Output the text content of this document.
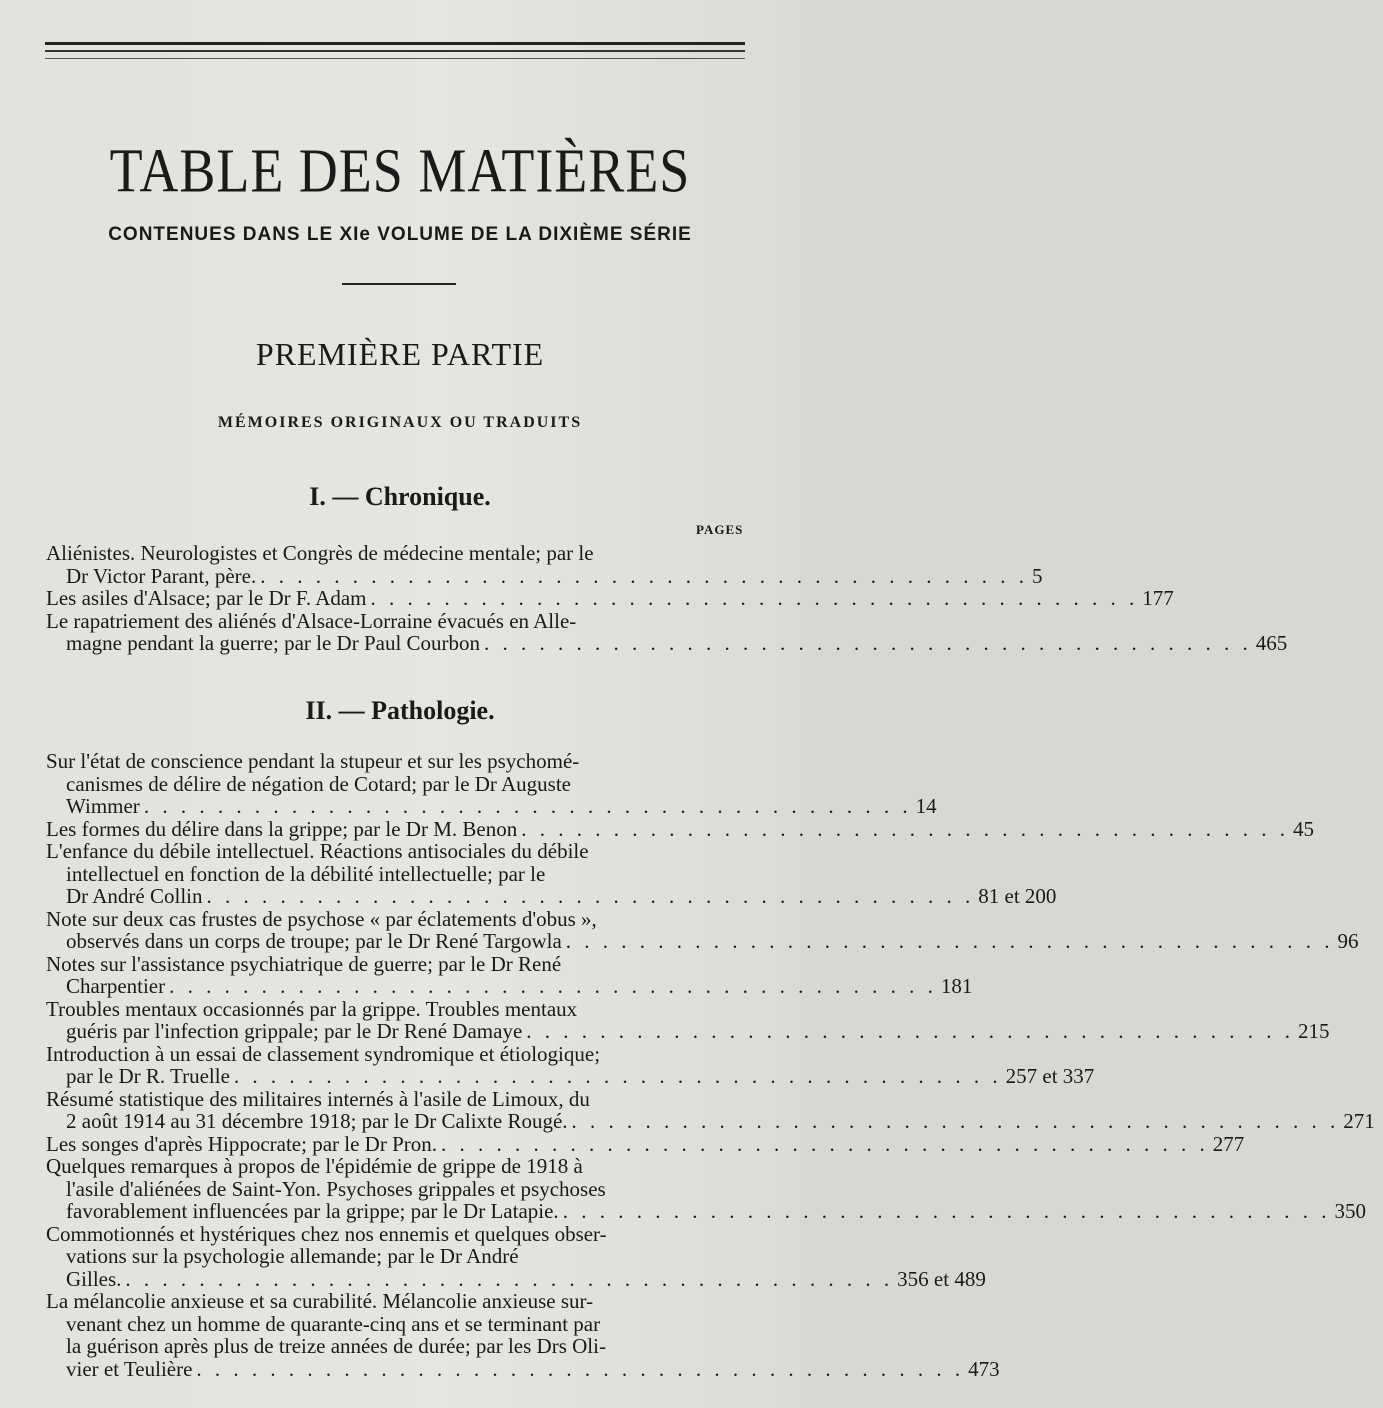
TABLE DES MATIÈRES
CONTENUES DANS LE XIe VOLUME DE LA DIXIÈME SÉRIE
PREMIÈRE PARTIE
MÉMOIRES ORIGINAUX OU TRADUITS
I. — Chronique.
PAGES
Aliénistes. Neurologistes et Congrès de médecine mentale; par le
Dr Victor Parant, père. . . . . . . . . . . . . . . . . . . . . . . . . . . . . . . . . . . . . . . . . . . 5
Les asiles d'Alsace; par le Dr F. Adam . . . . . . . . . . . . . . . . . . . . . . . . . . . . . . . . . . . . . . . . . . 177
Le rapatriement des aliénés d'Alsace-Lorraine évacués en Alle-
magne pendant la guerre; par le Dr Paul Courbon . . . . . . . . . . . . . . . . . . . . . . . . . . . . . . . . . . . . . . . . . . 465
II. — Pathologie.
Sur l'état de conscience pendant la stupeur et sur les psychomé-
canismes de délire de négation de Cotard; par le Dr Auguste
Wimmer . . . . . . . . . . . . . . . . . . . . . . . . . . . . . . . . . . . . . . . . . . 14
Les formes du délire dans la grippe; par le Dr M. Benon . . . . . . . . . . . . . . . . . . . . . . . . . . . . . . . . . . . . . . . . . . 45
L'enfance du débile intellectuel. Réactions antisociales du débile
intellectuel en fonction de la débilité intellectuelle; par le
Dr André Collin . . . . . . . . . . . . . . . . . . . . . . . . . . . . . . . . . . . . . . . . . . 81 et 200
Note sur deux cas frustes de psychose « par éclatements d'obus »,
observés dans un corps de troupe; par le Dr René Targowla . . . . . . . . . . . . . . . . . . . . . . . . . . . . . . . . . . . . . . . . . . 96
Notes sur l'assistance psychiatrique de guerre; par le Dr René
Charpentier . . . . . . . . . . . . . . . . . . . . . . . . . . . . . . . . . . . . . . . . . . 181
Troubles mentaux occasionnés par la grippe. Troubles mentaux
guéris par l'infection grippale; par le Dr René Damaye . . . . . . . . . . . . . . . . . . . . . . . . . . . . . . . . . . . . . . . . . . 215
Introduction à un essai de classement syndromique et étiologique;
par le Dr R. Truelle . . . . . . . . . . . . . . . . . . . . . . . . . . . . . . . . . . . . . . . . . . 257 et 337
Résumé statistique des militaires internés à l'asile de Limoux, du
2 août 1914 au 31 décembre 1918; par le Dr Calixte Rougé. . . . . . . . . . . . . . . . . . . . . . . . . . . . . . . . . . . . . . . . . . . 271
Les songes d'après Hippocrate; par le Dr Pron. . . . . . . . . . . . . . . . . . . . . . . . . . . . . . . . . . . . . . . . . . . 277
Quelques remarques à propos de l'épidémie de grippe de 1918 à
l'asile d'aliénées de Saint-Yon. Psychoses grippales et psychoses
favorablement influencées par la grippe; par le Dr Latapie. . . . . . . . . . . . . . . . . . . . . . . . . . . . . . . . . . . . . . . . . . . 350
Commotionnés et hystériques chez nos ennemis et quelques obser-
vations sur la psychologie allemande; par le Dr André
Gilles. . . . . . . . . . . . . . . . . . . . . . . . . . . . . . . . . . . . . . . . . . . 356 et 489
La mélancolie anxieuse et sa curabilité. Mélancolie anxieuse sur-
venant chez un homme de quarante-cinq ans et se terminant par
la guérison après plus de treize années de durée; par les Drs Oli-
vier et Teulière . . . . . . . . . . . . . . . . . . . . . . . . . . . . . . . . . . . . . . . . . . 473
